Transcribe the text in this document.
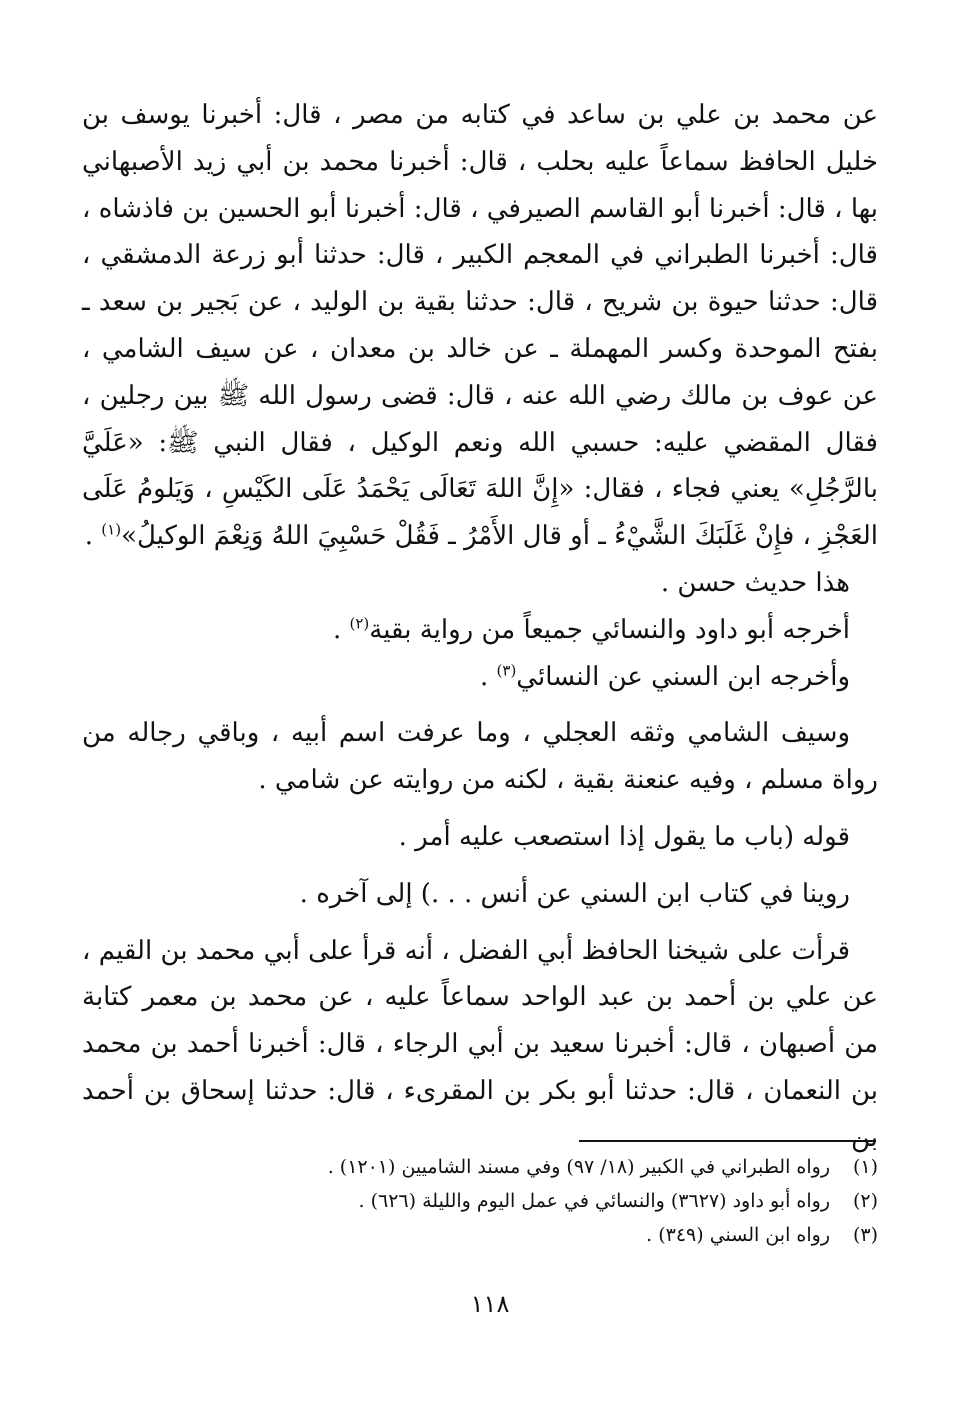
عن محمد بن علي بن ساعد في كتابه من مصر ، قال: أخبرنا يوسف بن خليل الحافظ سماعاً عليه بحلب ، قال: أخبرنا محمد بن أبي زيد الأصبهاني بها ، قال: أخبرنا أبو القاسم الصيرفي ، قال: أخبرنا أبو الحسين بن فاذشاه ، قال: أخبرنا الطبراني في المعجم الكبير ، قال: حدثنا أبو زرعة الدمشقي ، قال: حدثنا حيوة بن شريح ، قال: حدثنا بقية بن الوليد ، عن بَجير بن سعد ـ بفتح الموحدة وكسر المهملة ـ عن خالد بن معدان ، عن سيف الشامي ، عن عوف بن مالك رضي الله عنه ، قال: قضى رسول الله ﷺ بين رجلين ، فقال المقضي عليه: حسبي الله ونعم الوكيل ، فقال النبي ﷺ: «عَلَيَّ بالرَّجُلِ» يعني فجاء ، فقال: «إِنَّ اللهَ تَعَالَى يَحْمَدُ عَلَى الكَيْسِ ، وَيَلومُ عَلَى العَجْزِ ، فإِنْ غَلَبَكَ الشَّيْءُ ـ أو قال الأَمْرُ ـ فَقُلْ حَسْبِيَ اللهُ وَنِعْمَ الوكيلُ»$^{(١)}$ .

هذا حديث حسن .

أخرجه أبو داود والنسائي جميعاً من رواية بقية$^{(٢)}$ .

وأخرجه ابن السني عن النسائي$^{(٣)}$ .

وسيف الشامي وثقه العجلي ، وما عرفت اسم أبيه ، وباقي رجاله من رواة مسلم ، وفيه عنعنة بقية ، لكنه من روايته عن شامي .

قوله (باب ما يقول إذا استصعب عليه أمر .

روينا في كتاب ابن السني عن أنس . . .) إلى آخره .

قرأت على شيخنا الحافظ أبي الفضل ، أنه قرأ على أبي محمد بن القيم ، عن علي بن أحمد بن عبد الواحد سماعاً عليه ، عن محمد بن معمر كتابة من أصبهان ، قال: أخبرنا سعيد بن أبي الرجاء ، قال: أخبرنا أحمد بن محمد بن النعمان ، قال: حدثنا أبو بكر بن المقرىء ، قال: حدثنا إسحاق بن أحمد بن

(١)
رواه الطبراني في الكبير (١٨/ ٩٧) وفي مسند الشاميين (١٢٠١) .
(٢)
رواه أبو داود (٣٦٢٧) والنسائي في عمل اليوم والليلة (٦٢٦) .
(٣)
رواه ابن السني (٣٤٩) .
١١٨
